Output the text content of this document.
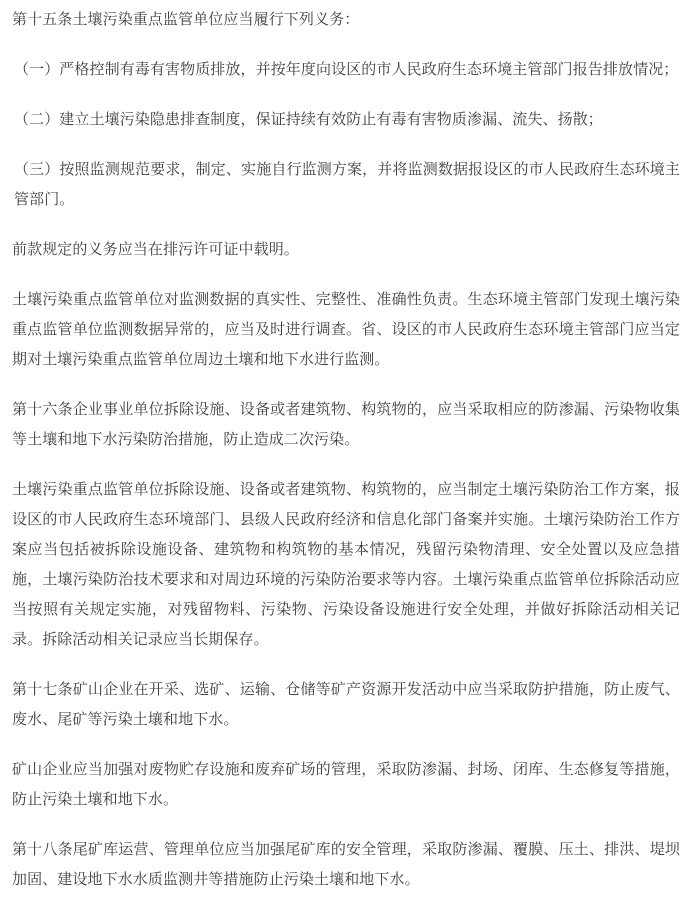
第十五条土壤污染重点监管单位应当履行下列义务：

（一）严格控制有毒有害物质排放，并按年度向设区的市人民政府生态环境主管部门报告排放情况；

（二）建立土壤污染隐患排查制度，保证持续有效防止有毒有害物质渗漏、流失、扬散；

（三）按照监测规范要求，制定、实施自行监测方案，并将监测数据报设区的市人民政府生态环境主管部门。

前款规定的义务应当在排污许可证中载明。

土壤污染重点监管单位对监测数据的真实性、完整性、准确性负责。生态环境主管部门发现土壤污染重点监管单位监测数据异常的，应当及时进行调查。省、设区的市人民政府生态环境主管部门应当定期对土壤污染重点监管单位周边土壤和地下水进行监测。

第十六条企业事业单位拆除设施、设备或者建筑物、构筑物的，应当采取相应的防渗漏、污染物收集等土壤和地下水污染防治措施，防止造成二次污染。

土壤污染重点监管单位拆除设施、设备或者建筑物、构筑物的，应当制定土壤污染防治工作方案，报设区的市人民政府生态环境部门、县级人民政府经济和信息化部门备案并实施。土壤污染防治工作方案应当包括被拆除设施设备、建筑物和构筑物的基本情况，残留污染物清理、安全处置以及应急措施，土壤污染防治技术要求和对周边环境的污染防治要求等内容。土壤污染重点监管单位拆除活动应当按照有关规定实施，对残留物料、污染物、污染设备设施进行安全处理，并做好拆除活动相关记录。拆除活动相关记录应当长期保存。

第十七条矿山企业在开采、选矿、运输、仓储等矿产资源开发活动中应当采取防护措施，防止废气、废水、尾矿等污染土壤和地下水。

矿山企业应当加强对废物贮存设施和废弃矿场的管理，采取防渗漏、封场、闭库、生态修复等措施，防止污染土壤和地下水。

第十八条尾矿库运营、管理单位应当加强尾矿库的安全管理，采取防渗漏、覆膜、压土、排洪、堤坝加固、建设地下水水质监测井等措施防止污染土壤和地下水。
